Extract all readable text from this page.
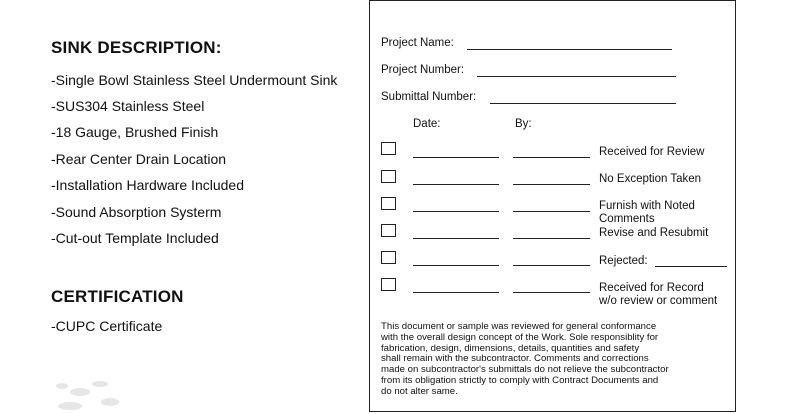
SINK DESCRIPTION:
-Single Bowl Stainless Steel Undermount Sink
-SUS304 Stainless Steel
-18 Gauge, Brushed Finish
-Rear Center Drain Location
-Installation Hardware Included
-Sound Absorption Systerm
-Cut-out Template Included
CERTIFICATION
-CUPC Certificate
Project Name:
Project Number:
Submittal Number:
Date:	By:
Received for Review
No Exception Taken
Furnish with Noted
Comments
Revise and Resubmit
Rejected:
Received for Record
w/o review or comment
This document or sample was reviewed for general conformance
with the overall design concept of the Work. Sole responsiblity for
fabrication, design, dimensions, details, quantities and safety
shall remain with the subcontractor. Comments and corrections
made on subcontractor's submittals do not relieve the subcontractor
from its obligation strictly to comply with Contract Documents and
do not alter same.
